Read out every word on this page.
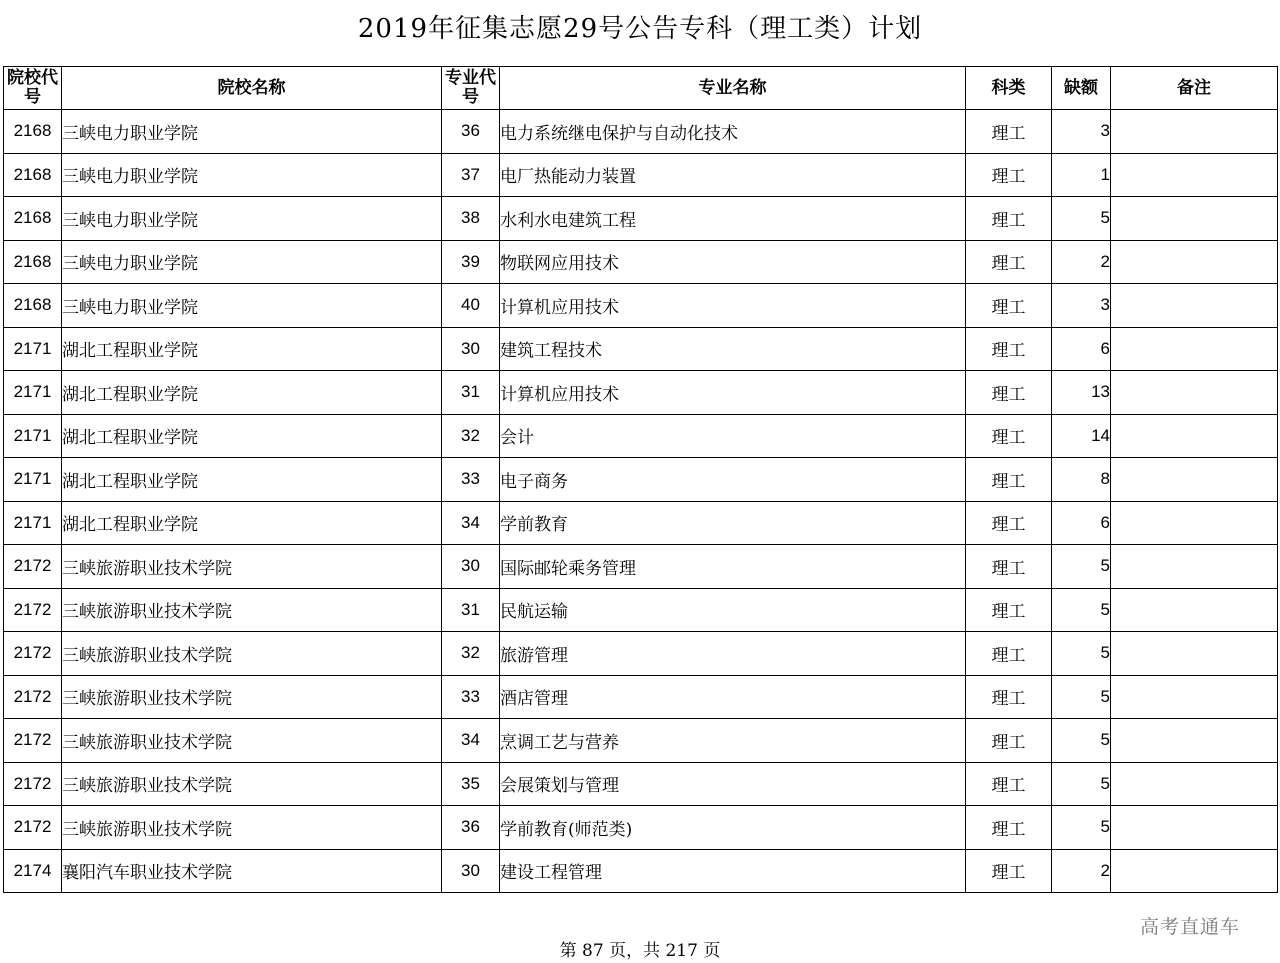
2019年征集志愿29号公告专科（理工类）计划
院校代号	院校名称	专业代号	专业名称	科类	缺额	备注
2168	三峡电力职业学院	36	电力系统继电保护与自动化技术	理工	3	
2168	三峡电力职业学院	37	电厂热能动力装置	理工	1	
2168	三峡电力职业学院	38	水利水电建筑工程	理工	5	
2168	三峡电力职业学院	39	物联网应用技术	理工	2	
2168	三峡电力职业学院	40	计算机应用技术	理工	3	
2171	湖北工程职业学院	30	建筑工程技术	理工	6	
2171	湖北工程职业学院	31	计算机应用技术	理工	13	
2171	湖北工程职业学院	32	会计	理工	14	
2171	湖北工程职业学院	33	电子商务	理工	8	
2171	湖北工程职业学院	34	学前教育	理工	6	
2172	三峡旅游职业技术学院	30	国际邮轮乘务管理	理工	5	
2172	三峡旅游职业技术学院	31	民航运输	理工	5	
2172	三峡旅游职业技术学院	32	旅游管理	理工	5	
2172	三峡旅游职业技术学院	33	酒店管理	理工	5	
2172	三峡旅游职业技术学院	34	烹调工艺与营养	理工	5	
2172	三峡旅游职业技术学院	35	会展策划与管理	理工	5	
2172	三峡旅游职业技术学院	36	学前教育(师范类)	理工	5	
2174	襄阳汽车职业技术学院	30	建设工程管理	理工	2	
高考直通车
第 87 页，共 217 页
